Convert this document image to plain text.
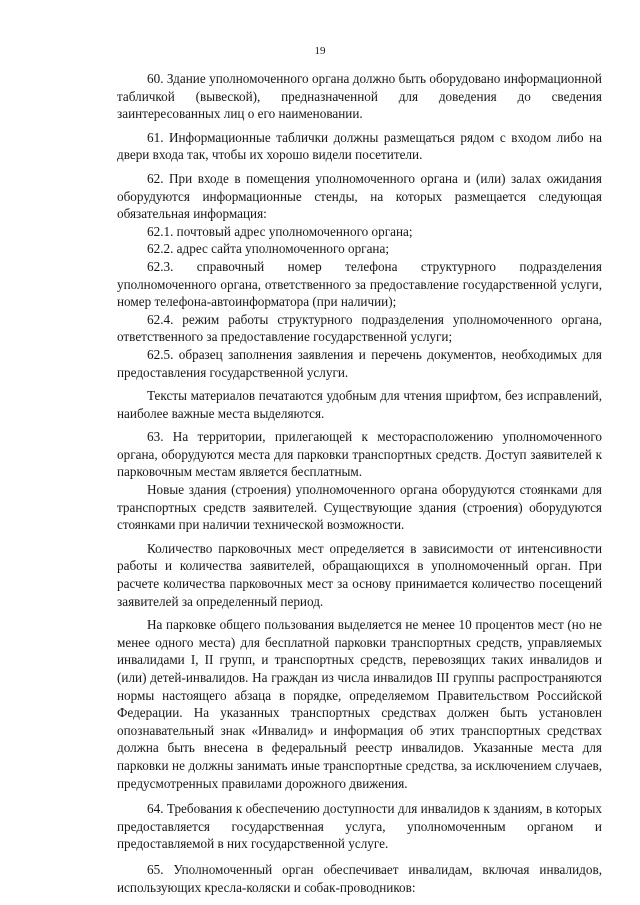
19

60. Здание уполномоченного органа должно быть оборудовано информационной табличкой (вывеской), предназначенной для доведения до сведения заинтересованных лиц о его наименовании.

61. Информационные таблички должны размещаться рядом с входом либо на двери входа так, чтобы их хорошо видели посетители.

62. При входе в помещения уполномоченного органа и (или) залах ожидания оборудуются информационные стенды, на которых размещается следующая обязательная информация:

62.1. почтовый адрес уполномоченного органа;

62.2. адрес сайта уполномоченного органа;

62.3. справочный номер телефона структурного подразделения уполномоченного органа, ответственного за предоставление государственной услуги, номер телефона-автоинформатора (при наличии);

62.4. режим работы структурного подразделения уполномоченного органа, ответственного за предоставление государственной услуги;

62.5. образец заполнения заявления и перечень документов, необходимых для предоставления государственной услуги.

Тексты материалов печатаются удобным для чтения шрифтом, без исправлений, наиболее важные места выделяются.

63. На территории, прилегающей к месторасположению уполномоченного органа, оборудуются места для парковки транспортных средств. Доступ заявителей к парковочным местам является бесплатным.

Новые здания (строения) уполномоченного органа оборудуются стоянками для транспортных средств заявителей. Существующие здания (строения) оборудуются стоянками при наличии технической возможности.

Количество парковочных мест определяется в зависимости от интенсивности работы и количества заявителей, обращающихся в уполномоченный орган. При расчете количества парковочных мест за основу принимается количество посещений заявителей за определенный период.

На парковке общего пользования выделяется не менее 10 процентов мест (но не менее одного места) для бесплатной парковки транспортных средств, управляемых инвалидами I, II групп, и транспортных средств, перевозящих таких инвалидов и (или) детей-инвалидов. На граждан из числа инвалидов III группы распространяются нормы настоящего абзаца в порядке, определяемом Правительством Российской Федерации. На указанных транспортных средствах должен быть установлен опознавательный знак «Инвалид» и информация об этих транспортных средствах должна быть внесена в федеральный реестр инвалидов. Указанные места для парковки не должны занимать иные транспортные средства, за исключением случаев, предусмотренных правилами дорожного движения.

64. Требования к обеспечению доступности для инвалидов к зданиям, в которых предоставляется государственная услуга, уполномоченным органом и предоставляемой в них государственной услуге.

65. Уполномоченный орган обеспечивает инвалидам, включая инвалидов, использующих кресла-коляски и собак-проводников:
